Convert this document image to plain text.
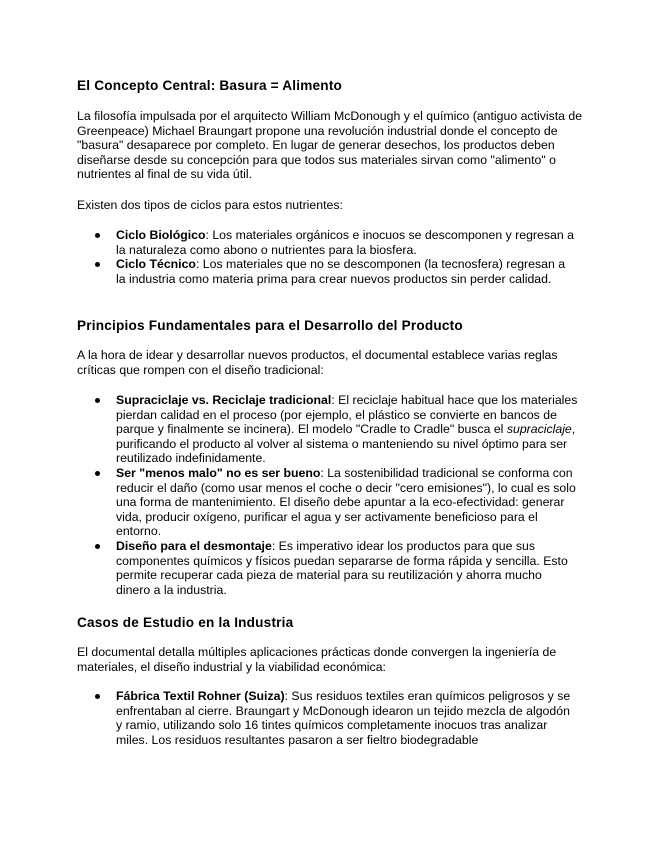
El Concepto Central: Basura = Alimento

La filosofía impulsada por el arquitecto William McDonough y el químico (antiguo activista de Greenpeace) Michael Braungart propone una revolución industrial donde el concepto de "basura" desaparece por completo. En lugar de generar desechos, los productos deben diseñarse desde su concepción para que todos sus materiales sirvan como "alimento" o nutrientes al final de su vida útil.

Existen dos tipos de ciclos para estos nutrientes:

Ciclo Biológico: Los materiales orgánicos e inocuos se descomponen y regresan a la naturaleza como abono o nutrientes para la biosfera.
Ciclo Técnico: Los materiales que no se descomponen (la tecnosfera) regresan a la industria como materia prima para crear nuevos productos sin perder calidad.
Principios Fundamentales para el Desarrollo del Producto

A la hora de idear y desarrollar nuevos productos, el documental establece varias reglas críticas que rompen con el diseño tradicional:

Supraciclaje vs. Reciclaje tradicional: El reciclaje habitual hace que los materiales pierdan calidad en el proceso (por ejemplo, el plástico se convierte en bancos de parque y finalmente se incinera). El modelo "Cradle to Cradle" busca el supraciclaje, purificando el producto al volver al sistema o manteniendo su nivel óptimo para ser reutilizado indefinidamente.
Ser "menos malo" no es ser bueno: La sostenibilidad tradicional se conforma con reducir el daño (como usar menos el coche o decir "cero emisiones"), lo cual es solo una forma de mantenimiento. El diseño debe apuntar a la eco-efectividad: generar vida, producir oxígeno, purificar el agua y ser activamente beneficioso para el entorno.
Diseño para el desmontaje: Es imperativo idear los productos para que sus componentes químicos y físicos puedan separarse de forma rápida y sencilla. Esto permite recuperar cada pieza de material para su reutilización y ahorra mucho dinero a la industria.
Casos de Estudio en la Industria

El documental detalla múltiples aplicaciones prácticas donde convergen la ingeniería de materiales, el diseño industrial y la viabilidad económica:

Fábrica Textil Rohner (Suiza): Sus residuos textiles eran químicos peligrosos y se enfrentaban al cierre. Braungart y McDonough idearon un tejido mezcla de algodón y ramio, utilizando solo 16 tintes químicos completamente inocuos tras analizar miles. Los residuos resultantes pasaron a ser fieltro biodegradable
